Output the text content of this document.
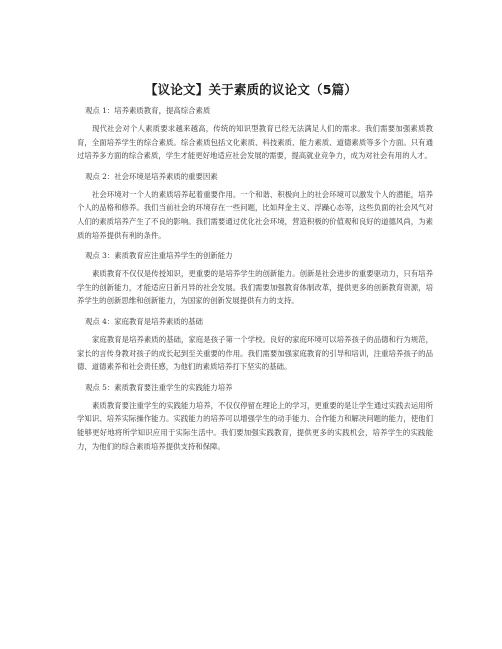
【议论文】关于素质的议论文（5篇）

观点 1：培养素质教育，提高综合素质

现代社会对个人素质要求越来越高，传统的知识型教育已经无法满足人们的需求。我们需要加强素质教育，全面培养学生的综合素质。综合素质包括文化素质、科技素质、能力素质、道德素质等多个方面。只有通过培养多方面的综合素质，学生才能更好地适应社会发展的需要，提高就业竞争力，成为对社会有用的人才。

观点 2：社会环境是培养素质的重要因素

社会环境对一个人的素质培养起着重要作用。一个和谐、积极向上的社会环境可以激发个人的潜能，培养个人的品格和修养。我们当前社会的环境存在一些问题，比如拜金主义、浮躁心态等，这些负面的社会风气对人们的素质培养产生了不良的影响。我们需要通过优化社会环境，营造积极的价值观和良好的道德风尚，为素质的培养提供有利的条件。

观点 3：素质教育应注重培养学生的创新能力

素质教育不仅仅是传授知识，更重要的是培养学生的创新能力。创新是社会进步的重要驱动力，只有培养学生的创新能力，才能适应日新月异的社会发展。我们需要加强教育体制改革，提供更多的创新教育资源，培养学生的创新思维和创新能力，为国家的创新发展提供有力的支持。

观点 4：家庭教育是培养素质的基础

家庭教育是培养素质的基础，家庭是孩子第一个学校。良好的家庭环境可以培养孩子的品德和行为规范，家长的言传身教对孩子的成长起到至关重要的作用。我们需要加强家庭教育的引导和培训，注重培养孩子的品德、道德素养和社会责任感，为他们的素质培养打下坚实的基础。

观点 5：素质教育要注重学生的实践能力培养

素质教育要注重学生的实践能力培养，不仅仅停留在理论上的学习，更重要的是让学生通过实践去运用所学知识、培养实际操作能力。实践能力的培养可以增强学生的动手能力、合作能力和解决问题的能力，使他们能够更好地将所学知识应用于实际生活中。我们要加强实践教育，提供更多的实践机会，培养学生的实践能力，为他们的综合素质培养提供支持和保障。
